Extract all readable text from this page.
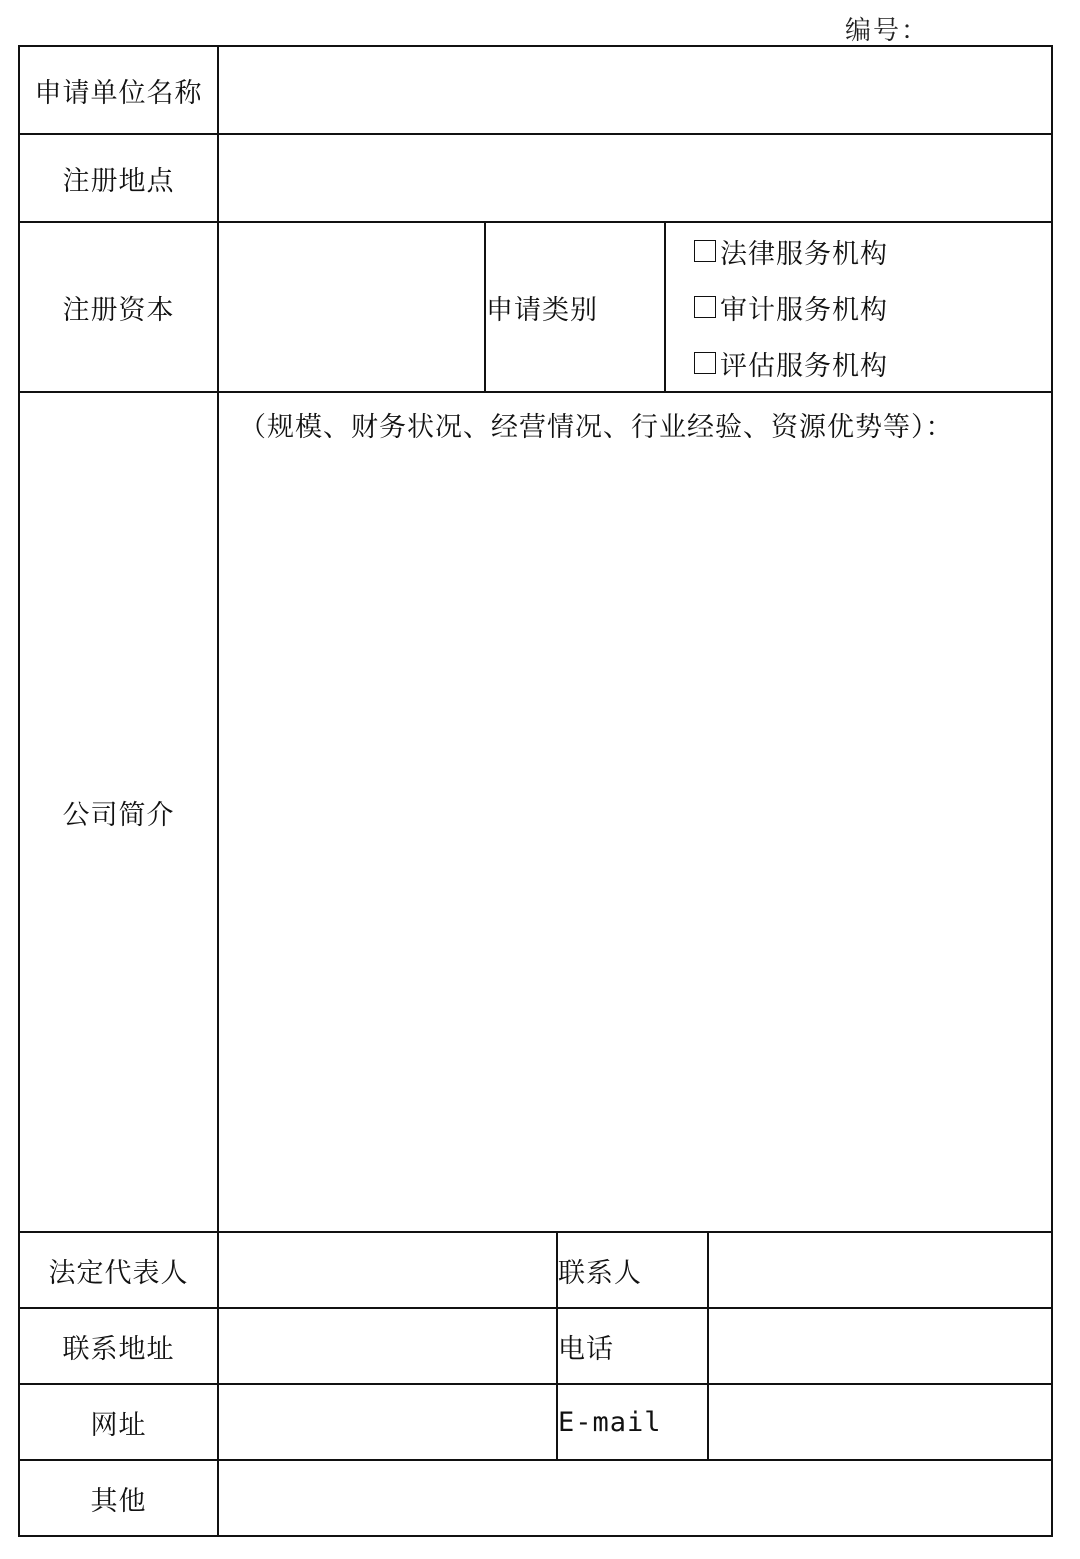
编号：
申请单位名称					
注册地点					
注册资本		申请类别		法律服务机构
审计服务机构
评估服务机构	

公司简介	（规模、财务状况、经营情况、行业经验、资源优势等）：				

法定代表人			联系人		
联系地址			电话		
网址			E-mail		
其他					
